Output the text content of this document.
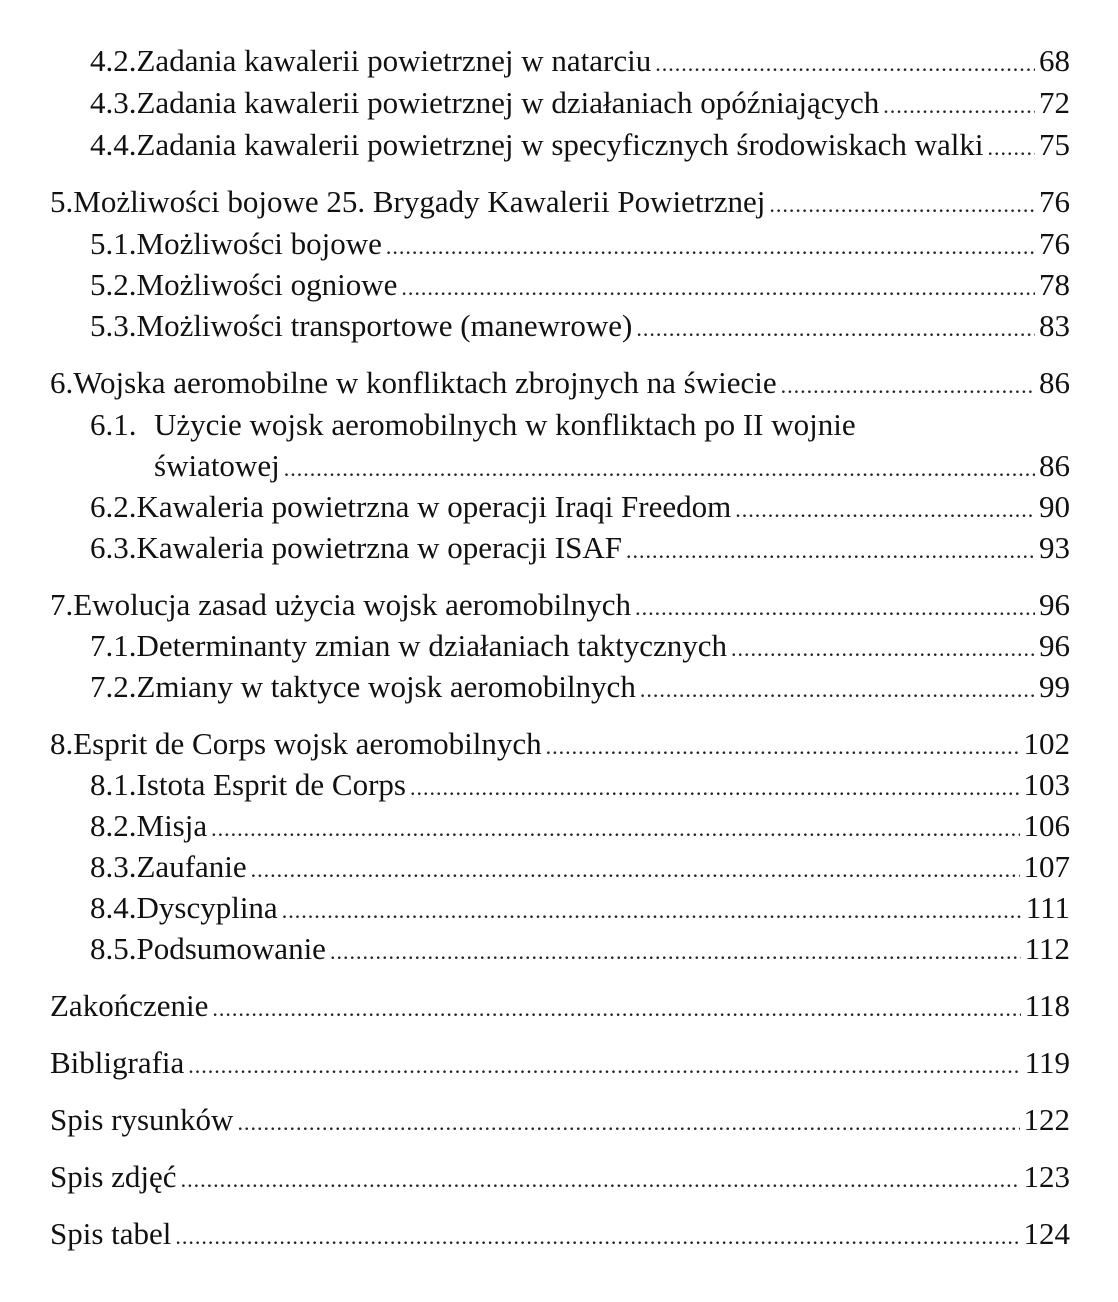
4.2. Zadania kawalerii powietrznej w natarciu .....	68
4.3. Zadania kawalerii powietrznej w działaniach opóźniających .....	72
4.4. Zadania kawalerii powietrznej w specyficznych środowiskach walki ..... 75
5. Możliwości bojowe 25. Brygady Kawalerii Powietrznej .....	76
5.1. Możliwości bojowe .....	76
5.2. Możliwości ogniowe .....	78
5.3. Możliwości transportowe (manewrowe) .....	83
6. Wojska aeromobilne w konfliktach zbrojnych na świecie .....	86
6.1. Użycie wojsk aeromobilnych w konfliktach po II wojnie
światowej .....	86
6.2. Kawaleria powietrzna w operacji Iraqi Freedom .....	90
6.3. Kawaleria powietrzna w operacji ISAF .....	93
7. Ewolucja zasad użycia wojsk aeromobilnych .....	96
7.1. Determinanty zmian w działaniach taktycznych .....	96
7.2. Zmiany w taktyce wojsk aeromobilnych .....	99
8. Esprit de Corps wojsk aeromobilnych .....	102
8.1. Istota Esprit de Corps .....	103
8.2. Misja .....	106
8.3. Zaufanie .....	107
8.4. Dyscyplina .....	111
8.5. Podsumowanie .....	112
Zakończenie .....	118
Bibligrafia .....	119
Spis rysunków .....	122
Spis zdjęć .....	123
Spis tabel .....	124
